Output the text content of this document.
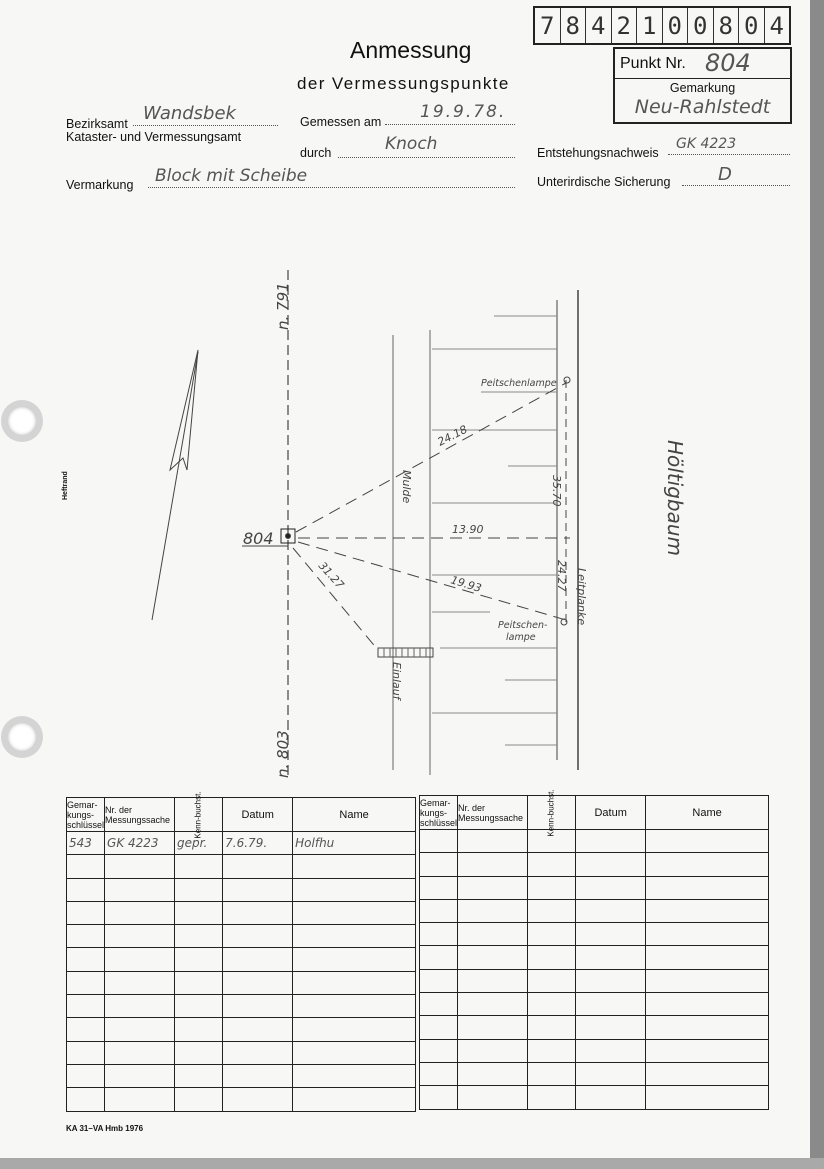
7 8 4 2 1 0 0 8 0 4
Anmessung
der Vermessungspunkte
Punkt Nr. 804
Gemarkung
Neu-Rahlstedt
Bezirksamt Wandsbek
Kataster- und Vermessungsamt
Gemessen am 19.9.78.
durch	Knoch	Entstehungsnachweis
GK 4223
Vermarkung Block mit Scheibe	Unterirdische Sicherung	D
Heftrand
n. 791
n. 803
804	Höltigbaum
Mulde
Leitplanke
Einlauf
Peitschenlampe
Peitschen-
lampe
24.18
13.90
19.93
31.27
35.70
24.27
Gemar-kungs-schlüssel	Nr. der Messungssache	Kenn-buchst.	Datum	Name
543	GK 4223	gepr.	7.6.79.	Holfhu

Gemar-kungs-schlüssel	Nr. der Messungssache	Kenn-buchst.	Datum	Name

KA 31–VA Hmb 1976
